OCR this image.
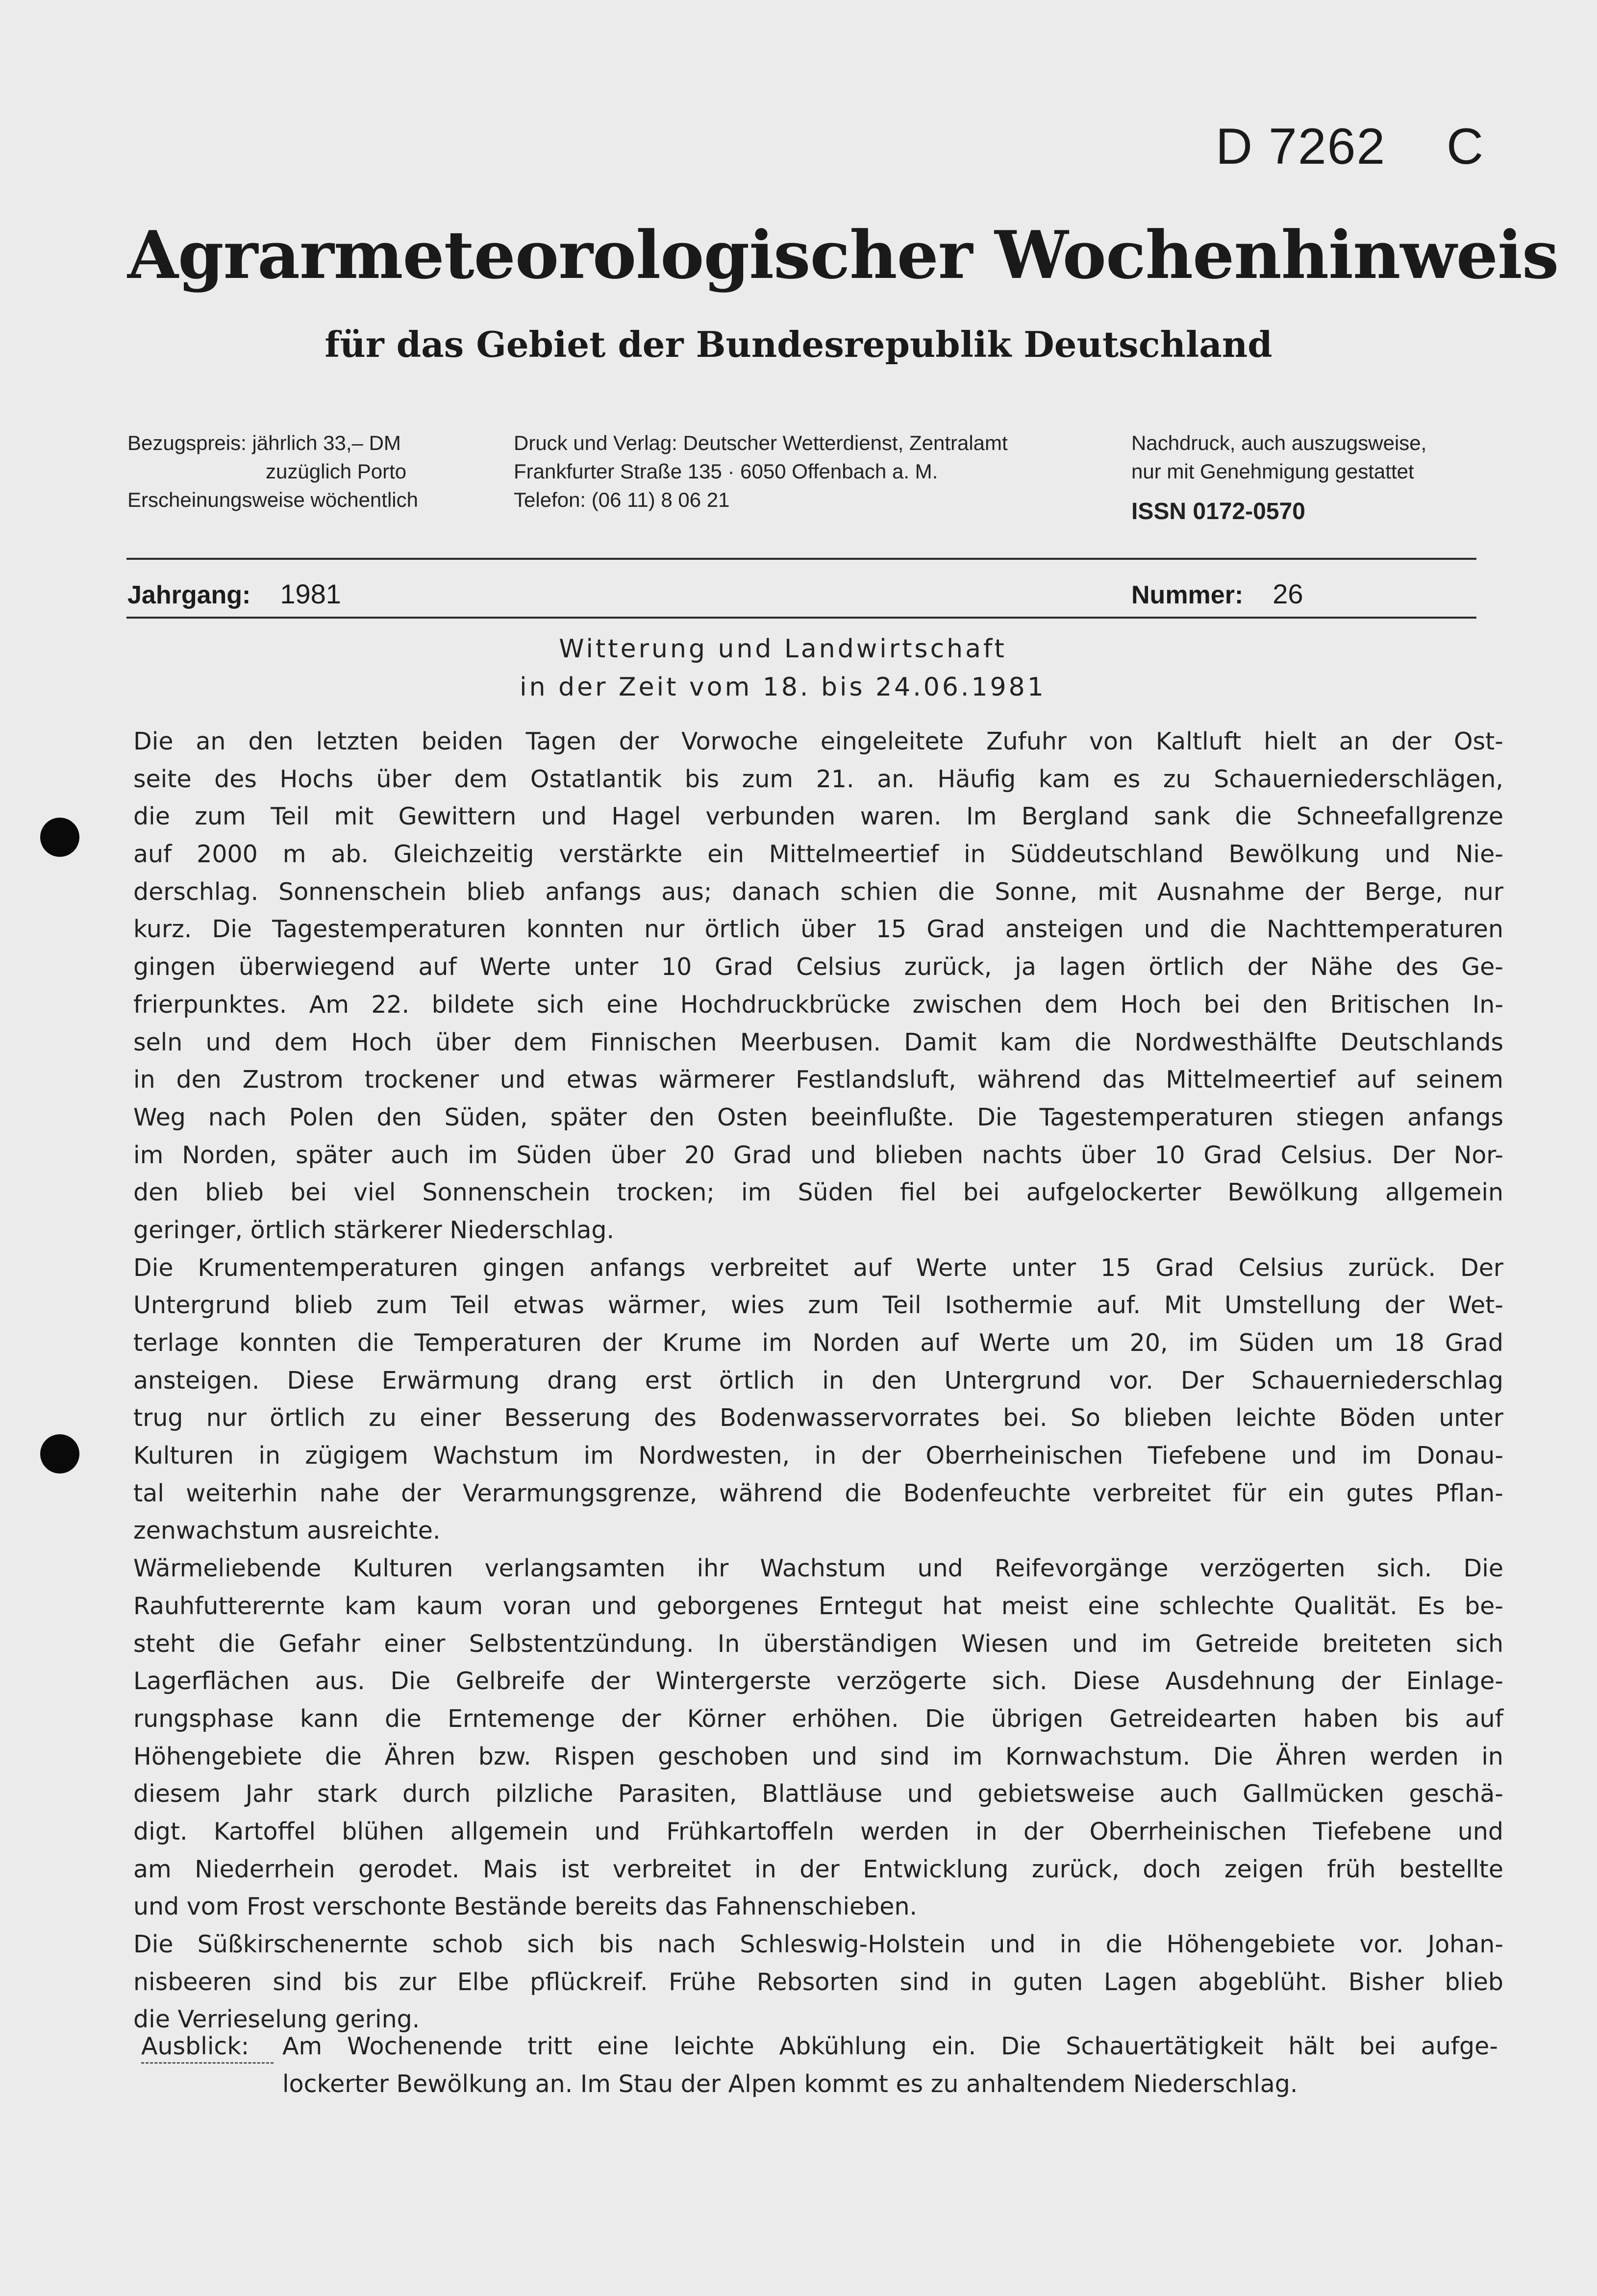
D 7262    C
Agrarmeteorologischer Wochenhinweis
für das Gebiet der Bundesrepublik Deutschland
Bezugspreis: jährlich 33,– DM
zuzüglich Porto
Erscheinungsweise wöchentlich
Druck und Verlag: Deutscher Wetterdienst, Zentralamt
Frankfurter Straße 135 · 6050 Offenbach a. M.
Telefon: (06 11) 8 06 21
Nachdruck, auch auszugsweise,
nur mit Genehmigung gestattet
ISSN 0172-0570
Jahrgang: 1981	Nummer: 26
Witterung und Landwirtschaft
in der Zeit vom 18. bis 24.06.1981
Die an den letzten beiden Tagen der Vorwoche eingeleitete Zufuhr von Kaltluft hielt an der Ost-
seite des Hochs über dem Ostatlantik bis zum 21. an. Häufig kam es zu Schauerniederschlägen,
die zum Teil mit Gewittern und Hagel verbunden waren. Im Bergland sank die Schneefallgrenze
auf 2000 m ab. Gleichzeitig verstärkte ein Mittelmeertief in Süddeutschland Bewölkung und Nie-
derschlag. Sonnenschein blieb anfangs aus; danach schien die Sonne, mit Ausnahme der Berge, nur
kurz. Die Tagestemperaturen konnten nur örtlich über 15 Grad ansteigen und die Nachttemperaturen
gingen überwiegend auf Werte unter 10 Grad Celsius zurück, ja lagen örtlich der Nähe des Ge-
frierpunktes. Am 22. bildete sich eine Hochdruckbrücke zwischen dem Hoch bei den Britischen In-
seln und dem Hoch über dem Finnischen Meerbusen. Damit kam die Nordwesthälfte Deutschlands
in den Zustrom trockener und etwas wärmerer Festlandsluft, während das Mittelmeertief auf seinem
Weg nach Polen den Süden, später den Osten beeinflußte. Die Tagestemperaturen stiegen anfangs
im Norden, später auch im Süden über 20 Grad und blieben nachts über 10 Grad Celsius. Der Nor-
den blieb bei viel Sonnenschein trocken; im Süden fiel bei aufgelockerter Bewölkung allgemein
geringer, örtlich stärkerer Niederschlag.
Die Krumentemperaturen gingen anfangs verbreitet auf Werte unter 15 Grad Celsius zurück. Der
Untergrund blieb zum Teil etwas wärmer, wies zum Teil Isothermie auf. Mit Umstellung der Wet-
terlage konnten die Temperaturen der Krume im Norden auf Werte um 20, im Süden um 18 Grad
ansteigen. Diese Erwärmung drang erst örtlich in den Untergrund vor. Der Schauerniederschlag
trug nur örtlich zu einer Besserung des Bodenwasservorrates bei. So blieben leichte Böden unter
Kulturen in zügigem Wachstum im Nordwesten, in der Oberrheinischen Tiefebene und im Donau-
tal weiterhin nahe der Verarmungsgrenze, während die Bodenfeuchte verbreitet für ein gutes Pflan-
zenwachstum ausreichte.
Wärmeliebende Kulturen verlangsamten ihr Wachstum und Reifevorgänge verzögerten sich. Die
Rauhfutterernte kam kaum voran und geborgenes Erntegut hat meist eine schlechte Qualität. Es be-
steht die Gefahr einer Selbstentzündung. In überständigen Wiesen und im Getreide breiteten sich
Lagerflächen aus. Die Gelbreife der Wintergerste verzögerte sich. Diese Ausdehnung der Einlage-
rungsphase kann die Erntemenge der Körner erhöhen. Die übrigen Getreidearten haben bis auf
Höhengebiete die Ähren bzw. Rispen geschoben und sind im Kornwachstum. Die Ähren werden in
diesem Jahr stark durch pilzliche Parasiten, Blattläuse und gebietsweise auch Gallmücken geschä-
digt. Kartoffel blühen allgemein und Frühkartoffeln werden in der Oberrheinischen Tiefebene und
am Niederrhein gerodet. Mais ist verbreitet in der Entwicklung zurück, doch zeigen früh bestellte
und vom Frost verschonte Bestände bereits das Fahnenschieben.
Die Süßkirschenernte schob sich bis nach Schleswig-Holstein und in die Höhengebiete vor. Johan-
nisbeeren sind bis zur Elbe pflückreif. Frühe Rebsorten sind in guten Lagen abgeblüht. Bisher blieb
die Verrieselung gering.
Ausblick: Am Wochenende tritt eine leichte Abkühlung ein. Die Schauertätigkeit hält bei aufge-
lockerter Bewölkung an. Im Stau der Alpen kommt es zu anhaltendem Niederschlag.
